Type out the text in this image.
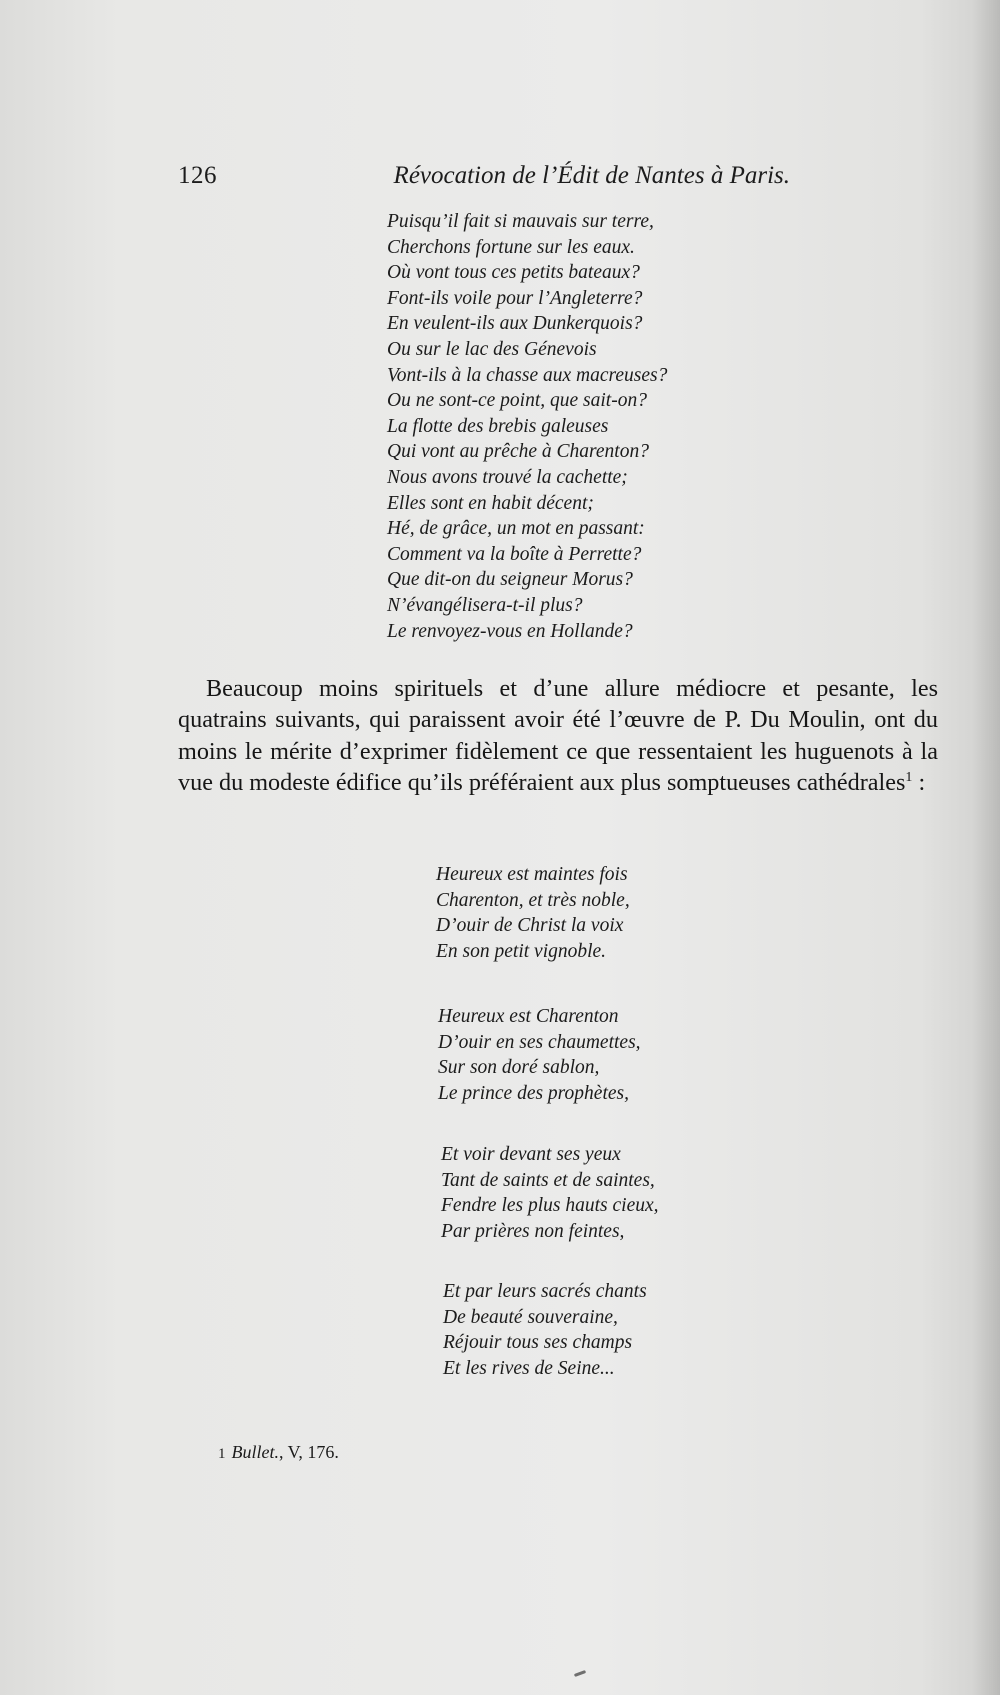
126	Révocation de l’Édit de Nantes à Paris.
Puisqu’il fait si mauvais sur terre,
Cherchons fortune sur les eaux.
Où vont tous ces petits bateaux?
Font-ils voile pour l’Angleterre?
En veulent-ils aux Dunkerquois?
Ou sur le lac des Génevois
Vont-ils à la chasse aux macreuses?
Ou ne sont-ce point, que sait-on?
La flotte des brebis galeuses
Qui vont au prêche à Charenton?
Nous avons trouvé la cachette;
Elles sont en habit décent;
Hé, de grâce, un mot en passant:
Comment va la boîte à Perrette?
Que dit-on du seigneur Morus?
N’évangélisera-t-il plus?
Le renvoyez-vous en Hollande?

Beaucoup moins spirituels et d’une allure médiocre et pesante, les quatrains suivants, qui paraissent avoir été l’œuvre de P. Du Moulin, ont du moins le mérite d’exprimer fidèlement ce que ressentaient les huguenots à la vue du modeste édifice qu’ils préféraient aux plus somptueuses cathédrales$^1$ :

Heureux est maintes fois
Charenton, et très noble,
D’ouir de Christ la voix
En son petit vignoble.
Heureux est Charenton
D’ouir en ses chaumettes,
Sur son doré sablon,
Le prince des prophètes,
Et voir devant ses yeux
Tant de saints et de saintes,
Fendre les plus hauts cieux,
Par prières non feintes,
Et par leurs sacrés chants
De beauté souveraine,
Réjouir tous ses champs
Et les rives de Seine...
1 Bullet., V, 176.
